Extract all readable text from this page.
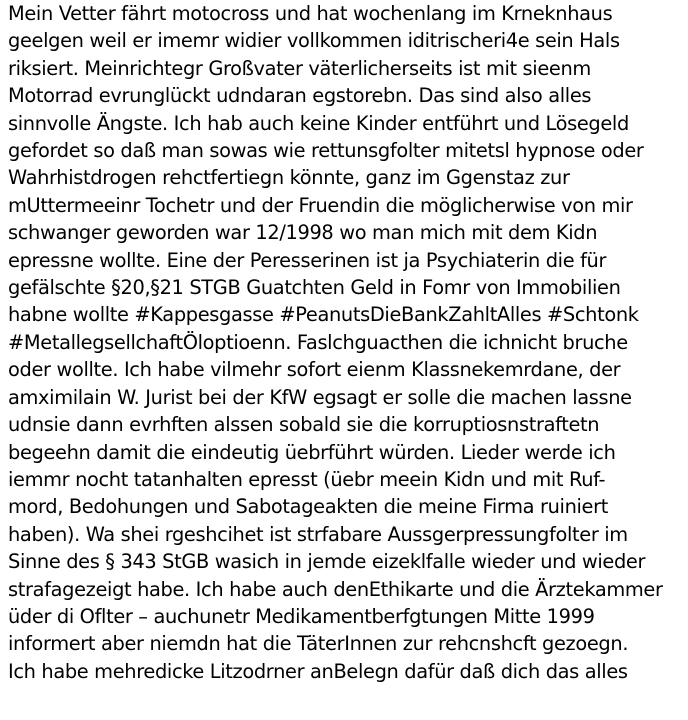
Mein Vetter fährt motocross und hat wochenlang im Krneknhaus
geelgen weil er imemr widier vollkommen iditrischeri4e sein Hals
riksiert. Meinrichtegr Großvater väterlicherseits ist mit sieenm
Motorrad evrunglückt udndaran egstorebn. Das sind also alles
sinnvolle Ängste. Ich hab auch keine Kinder entführt und Lösegeld
gefordet so daß man sowas wie rettunsgfolter mitetsl hypnose oder
Wahrhistdrogen rehctfertiegn könnte, ganz im Ggenstaz zur
mUttermeeinr Tochetr und der Fruendin die möglicherwise von mir
schwanger geworden war 12/1998 wo man mich mit dem Kidn
epressne wollte. Eine der Peresserinen ist ja Psychiaterin die für
gefälschte §20,§21 STGB Guatchten Geld in Fomr von Immobilien
habne wollte #Kappesgasse #PeanutsDieBankZahltAlles #Schtonk
#MetallegsellchaftÖloptioenn. Faslchguacthen die ichnicht bruche
oder wollte. Ich habe vilmehr sofort eienm Klassnekemrdane, der
amximilain W. Jurist bei der KfW egsagt er solle die machen lassne
udnsie dann evrhften alssen sobald sie die korruptiosnstraftetn
begeehn damit die eindeutig üebrführt würden. Lieder werde ich
iemmr nocht tatanhalten epresst (üebr meein Kidn und mit Ruf-
mord, Bedohungen und Sabotageakten die meine Firma ruiniert
haben). Wa shei rgeshcihet ist strfabare Aussgerpressungfolter im
Sinne des § 343 StGB wasich in jemde eizeklfalle wieder und wieder
strafagezeigt habe. Ich habe auch denEthikarte und die Ärztekammer
üder di Oflter – auchunetr Medikamentberfgtungen Mitte 1999
informert aber niemdn hat die TäterInnen zur rehcnshcft gezoegn.
Ich habe mehredicke Litzodrner anBelegn dafür daß dich das alles
